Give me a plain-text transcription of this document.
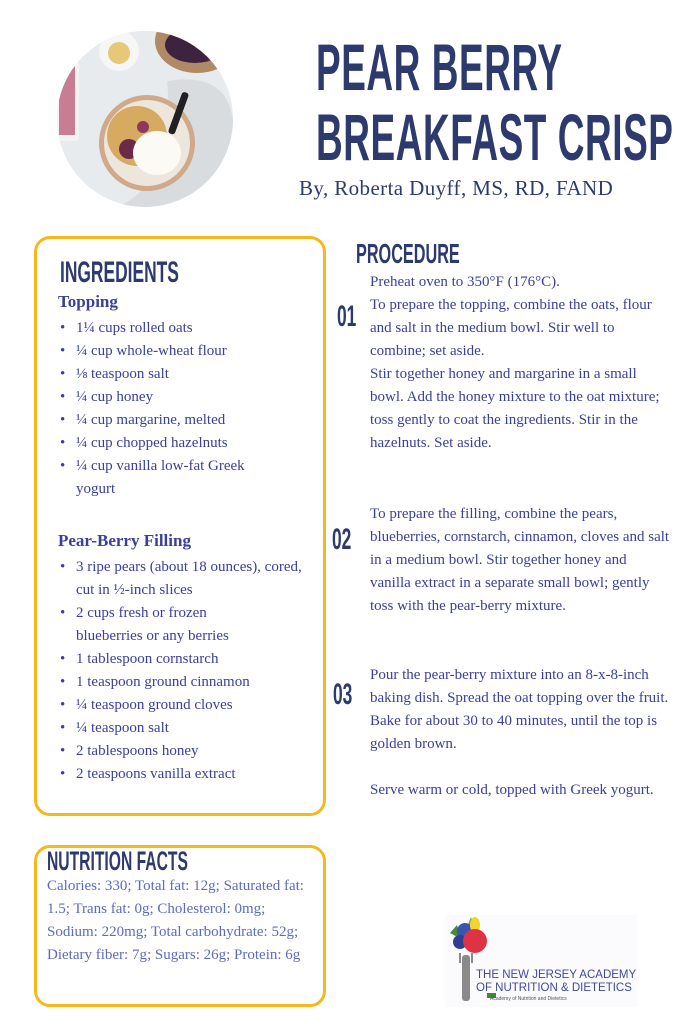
PEAR BERRY
BREAKFAST CRISP
By, Roberta Duyff, MS, RD, FAND
INGREDIENTS
Topping
• 1¼ cups rolled oats
• ¼ cup whole-wheat flour
• ⅛ teaspoon salt
• ¼ cup honey
• ¼ cup margarine, melted
• ¼ cup chopped hazelnuts
• ¼ cup vanilla low-fat Greek yogurt
Pear-Berry Filling
• 3 ripe pears (about 18 ounces), cored, cut in ½-inch slices
• 2 cups fresh or frozen blueberries or any berries
• 1 tablespoon cornstarch
• 1 teaspoon ground cinnamon
• ¼ teaspoon ground cloves
• ¼ teaspoon salt
• 2 tablespoons honey
• 2 teaspoons vanilla extract
PROCEDURE
01
Preheat oven to 350°F (176°C).
To prepare the topping, combine the oats, flour and salt in the medium bowl. Stir well to combine; set aside.
Stir together honey and margarine in a small bowl. Add the honey mixture to the oat mixture; toss gently to coat the ingredients. Stir in the hazelnuts. Set aside.
02
To prepare the filling, combine the pears, blueberries, cornstarch, cinnamon, cloves and salt in a medium bowl. Stir together honey and vanilla extract in a separate small bowl; gently toss with the pear-berry mixture.
03
Pour the pear-berry mixture into an 8-x-8-inch baking dish. Spread the oat topping over the fruit. Bake for about 30 to 40 minutes, until the top is golden brown.

Serve warm or cold, topped with Greek yogurt.
NUTRITION FACTS
Calories: 330; Total fat: 12g; Saturated fat: 1.5; Trans fat: 0g; Cholesterol: 0mg; Sodium: 220mg; Total carbohydrate: 52g; Dietary fiber: 7g; Sugars: 26g; Protein: 6g
THE NEW JERSEY ACADEMY
OF NUTRITION & DIETETICS
Academy of Nutrition and Dietetics
